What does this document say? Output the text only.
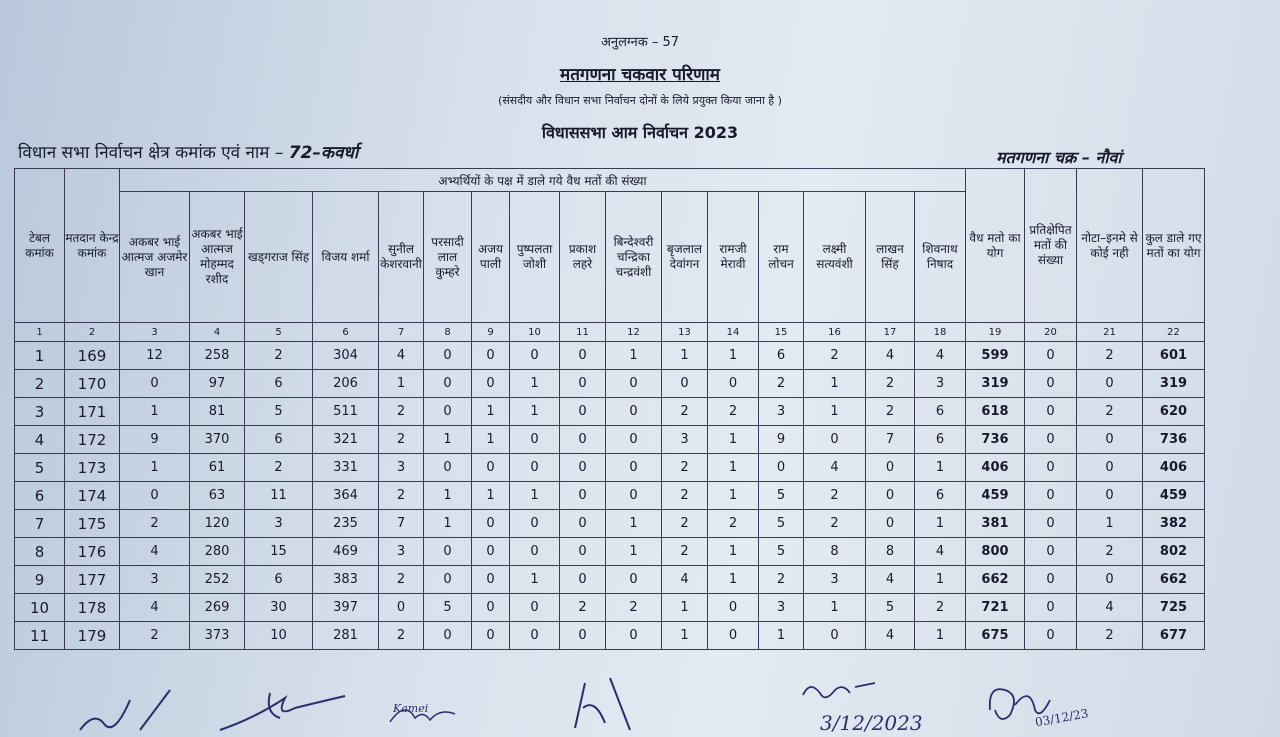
अनुलग्नक – 57
मतगणना चकवार परिणाम
(संसदीय और विधान सभा निर्वाचन दोनों के लिये प्रयुक्त किया जाना है )
विधाससभा आम निर्वाचन 2023
विधान सभा निर्वाचन क्षेत्र कमांक एवं नाम – 72–कवर्धा	मतगणना चक्र – नौवां
टेबल कमांक	मतदान केन्द्र कमांक	अभ्यर्थियों के पक्ष में डाले गये वैध मतों की संख्या																वैध मतो का योग	प्रतिक्षेपित मतों की संख्या	नोटा–इनमे से कोई नही	कुल डाले गए मतों का योग
		अकबर भाई आत्मज अजमेर खान	अकबर भाई आत्मज मोहम्मद रशीद	खड्गराज सिंह	विजय शर्मा	सुनील केशरवानी	परसादी लाल कुम्हरे	अजय पाली	पुष्पलता जोशी	प्रकाश लहरे	बिन्देश्वरी चन्द्रिका चन्द्रवंशी	बृजलाल देवांगन	रामजी मेरावी	राम लोचन	लक्ष्मी सत्यवंशी	लाखन सिंह	शिवनाथ निषाद				
1	2	3	4	5	6	7	8	9	10	11	12	13	14	15	16	17	18	19	20	21	22
1	169	12	258	2	304	4	0	0	0	0	1	1	1	6	2	4	4	599	0	2	601
2	170	0	97	6	206	1	0	0	1	0	0	0	0	2	1	2	3	319	0	0	319
3	171	1	81	5	511	2	0	1	1	0	0	2	2	3	1	2	6	618	0	2	620
4	172	9	370	6	321	2	1	1	0	0	0	3	1	9	0	7	6	736	0	0	736
5	173	1	61	2	331	3	0	0	0	0	0	2	1	0	4	0	1	406	0	0	406
6	174	0	63	11	364	2	1	1	1	0	0	2	1	5	2	0	6	459	0	0	459
7	175	2	120	3	235	7	1	0	0	0	1	2	2	5	2	0	1	381	0	1	382
8	176	4	280	15	469	3	0	0	0	0	1	2	1	5	8	8	4	800	0	2	802
9	177	3	252	6	383	2	0	0	1	0	0	4	1	2	3	4	1	662	0	0	662
10	178	4	269	30	397	0	5	0	0	2	2	1	0	3	1	5	2	721	0	4	725
11	179	2	373	10	281	2	0	0	0	0	0	1	0	1	0	4	1	675	0	2	677
Kamei
3/12/2023	03/12/23
